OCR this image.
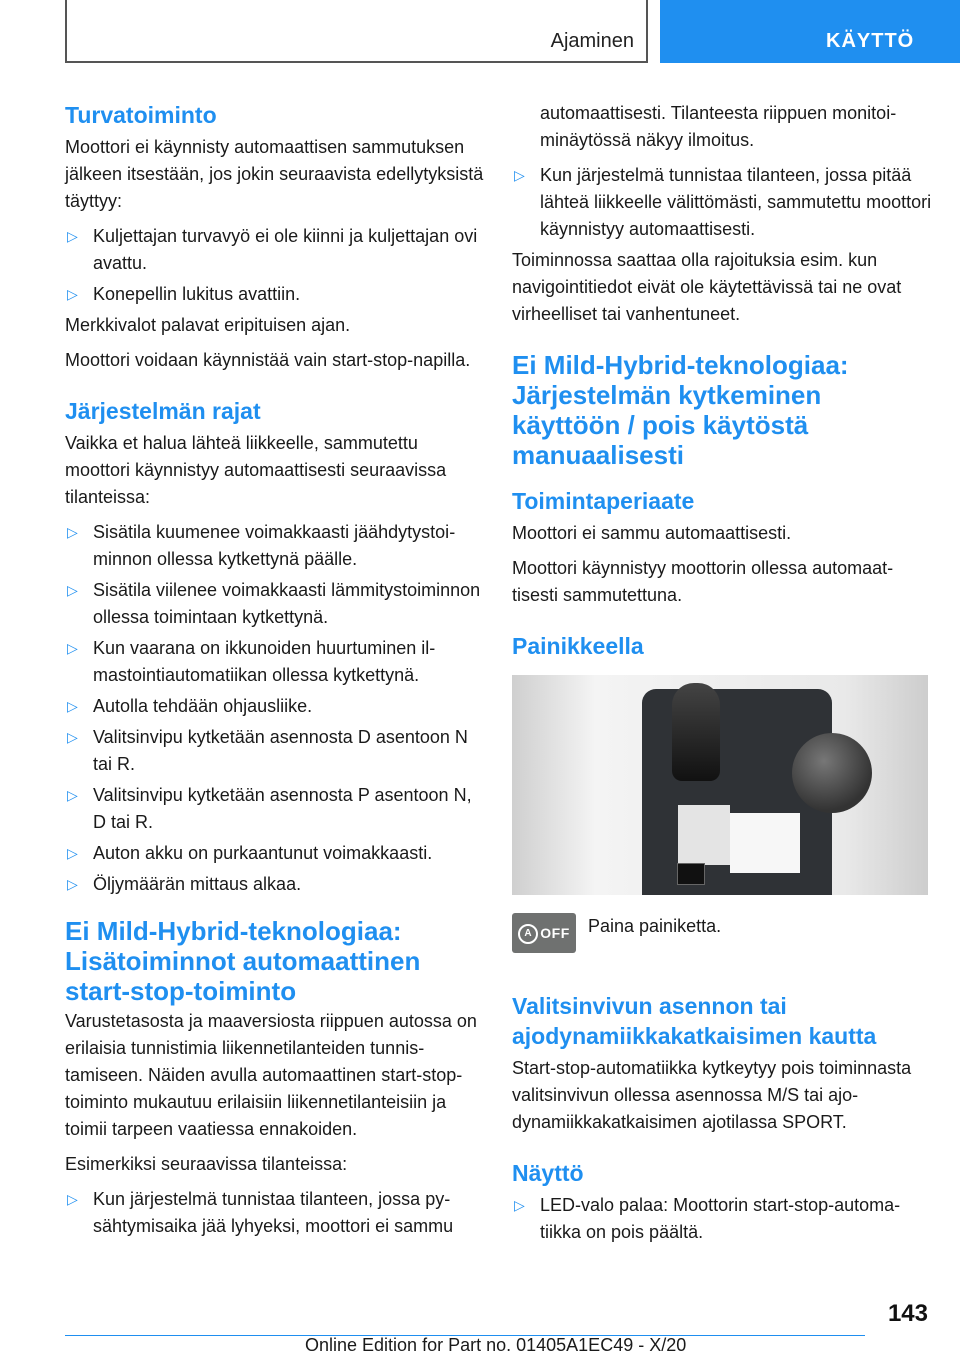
Ajaminen	KÄYTTÖ
Turvatoiminto

Moottori ei käynnisty automaattisen sammutuksen jälkeen itsestään, jos jokin seuraavista edellytyksistä täyttyy:

▷ Kuljettajan turvavyö ei ole kiinni ja kuljettajan ovi avattu.
▷ Konepellin lukitus avattiin.

Merkkivalot palavat eripituisen ajan.

Moottori voidaan käynnistää vain start-stop-napilla.

Järjestelmän rajat

Vaikka et halua lähteä liikkeelle, sammutettu moottori käynnistyy automaattisesti seuraavissa tilanteissa:

▷ Sisätila kuumenee voimakkaasti jäähdytystoiminnon ollessa kytkettynä päälle.
▷ Sisätila viilenee voimakkaasti lämmitystoiminnon ollessa toimintaan kytkettynä.
▷ Kun vaarana on ikkunoiden huurtuminen ilmastointiautomatiikan ollessa kytkettynä.
▷ Autolla tehdään ohjausliike.
▷ Valitsinvipu kytketään asennosta D asentoon N tai R.
▷ Valitsinvipu kytketään asennosta P asentoon N, D tai R.
▷ Auton akku on purkaantunut voimakkaasti.
▷ Öljymäärän mittaus alkaa.
Ei Mild-Hybrid-teknologiaa: Lisätoiminnot automaattinen start-stop-toiminto

Varustetasosta ja maaversiosta riippuen autossa on erilaisia tunnistimia liikennetilanteiden tunnistamiseen. Näiden avulla automaattinen start-stop-toiminto mukautuu erilaisiin liikennetilanteisiin ja toimii tarpeen vaatiessa ennakoiden.

Esimerkiksi seuraavissa tilanteissa:

▷ Kun järjestelmä tunnistaa tilanteen, jossa pysähtymisaika jää lyhyeksi, moottori ei sammu

automaattisesti. Tilanteesta riippuen monitoiminäytössä näkyy ilmoitus.

▷ Kun järjestelmä tunnistaa tilanteen, jossa pitää lähteä liikkeelle välittömästi, sammutettu moottori käynnistyy automaattisesti.

Toiminnossa saattaa olla rajoituksia esim. kun navigointitiedot eivät ole käytettävissä tai ne ovat virheelliset tai vanhentuneet.

Ei Mild-Hybrid-teknologiaa: Järjestelmän kytkeminen käyttöön / pois käytöstä manuaalisesti
Toimintaperiaate

Moottori ei sammu automaattisesti.

Moottori käynnistyy moottorin ollessa automaattisesti sammutettuna.

Painikkeella
A OFF	Paina painiketta.
Valitsinvivun asennon tai ajodynamiikkakatkaisimen kautta

Start-stop-automatiikka kytkeytyy pois toiminnasta valitsinvivun ollessa asennossa M/S tai ajodynamiikkakatkaisimen ajotilassa SPORT.

Näyttö
▷ LED-valo palaa: Moottorin start-stop-automatiikka on pois päältä.
143
Online Edition for Part no. 01405A1EC49 - X/20
